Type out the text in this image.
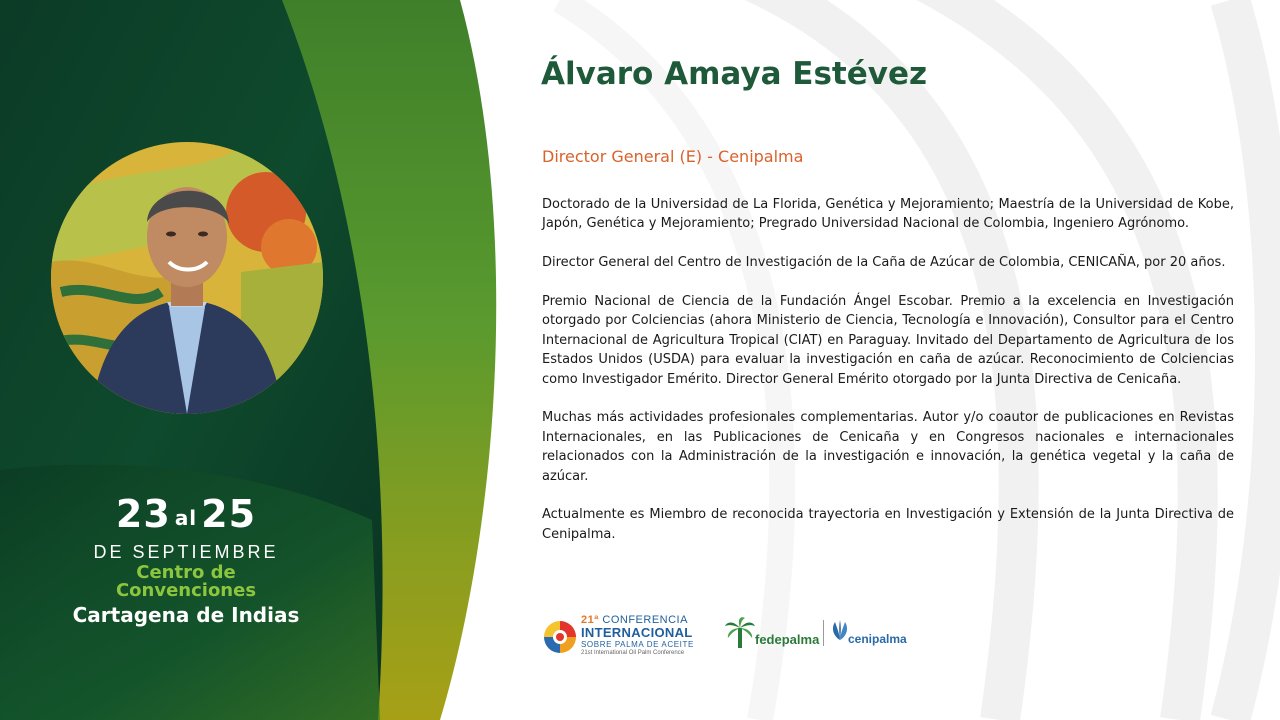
23 al 25
DE SEPTIEMBRE
Centro de
Convenciones
Cartagena de Indias
Álvaro Amaya Estévez
Director General (E) - Cenipalma

Doctorado de la Universidad de La Florida, Genética y Mejoramiento; Maestría de la Universidad de Kobe, Japón, Genética y Mejoramiento; Pregrado Universidad Nacional de Colombia, Ingeniero Agrónomo.

Director General del Centro de Investigación de la Caña de Azúcar de Colombia, CENICAÑA, por 20 años.

Premio Nacional de Ciencia de la Fundación Ángel Escobar. Premio a la excelencia en Investigación otorgado por Colciencias (ahora Ministerio de Ciencia, Tecnología e Innovación), Consultor para el Centro Internacional de Agricultura Tropical (CIAT) en Paraguay. Invitado del Departamento de Agricultura de los Estados Unidos (USDA) para evaluar la investigación en caña de azúcar. Reconocimiento de Colciencias como Investigador Emérito. Director General Emérito otorgado por la Junta Directiva de Cenicaña.

Muchas más actividades profesionales complementarias. Autor y/o coautor de publicaciones en Revistas Internacionales, en las Publicaciones de Cenicaña y en Congresos nacionales e internacionales relacionados con la Administración de la investigación e innovación, la genética vegetal y la caña de azúcar.

Actualmente es Miembro de reconocida trayectoria en Investigación y Extensión de la Junta Directiva de Cenipalma.

21ª CONFERENCIA
INTERNACIONAL
SOBRE PALMA DE ACEITE
21st International Oil Palm Conference
fedepalma cenipalma
